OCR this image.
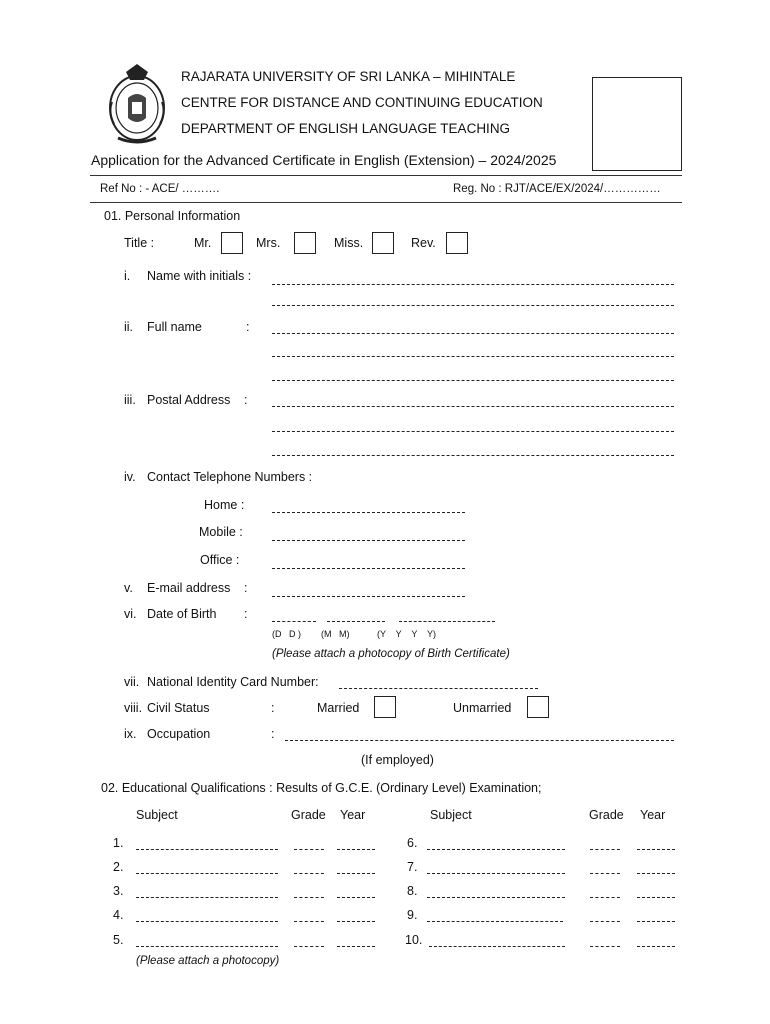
RAJARATA UNIVERSITY OF SRI LANKA – MIHINTALE
CENTRE FOR DISTANCE AND CONTINUING EDUCATION
DEPARTMENT OF ENGLISH LANGUAGE TEACHING
Application for the Advanced Certificate in English (Extension) – 2024/2025
Ref No : - ACE/ ……….	Reg. No : RJT/ACE/EX/2024/……………
01. Personal Information
Title :	Mr.	Mrs.	Miss.	Rev.
i. Name with initials :
ii. Full name	:
iii. Postal Address :
iv. Contact Telephone Numbers :
Home :
Mobile :
Office :
v. E-mail address :
vi. Date of Birth :
(D   D )        (M   M)           (Y    Y    Y    Y)
(Please attach a photocopy of Birth Certificate)
vii. National Identity Card Number:
viii. Civil Status	:	Married	Unmarried
ix. Occupation	:
(If employed)
02. Educational Qualifications : Results of G.C.E. (Ordinary Level) Examination;
Subject	Grade Year	Subject	Grade Year
1.	6.
2.	7.
3.	8.
4.	9.
5.	10.
(Please attach a photocopy)
